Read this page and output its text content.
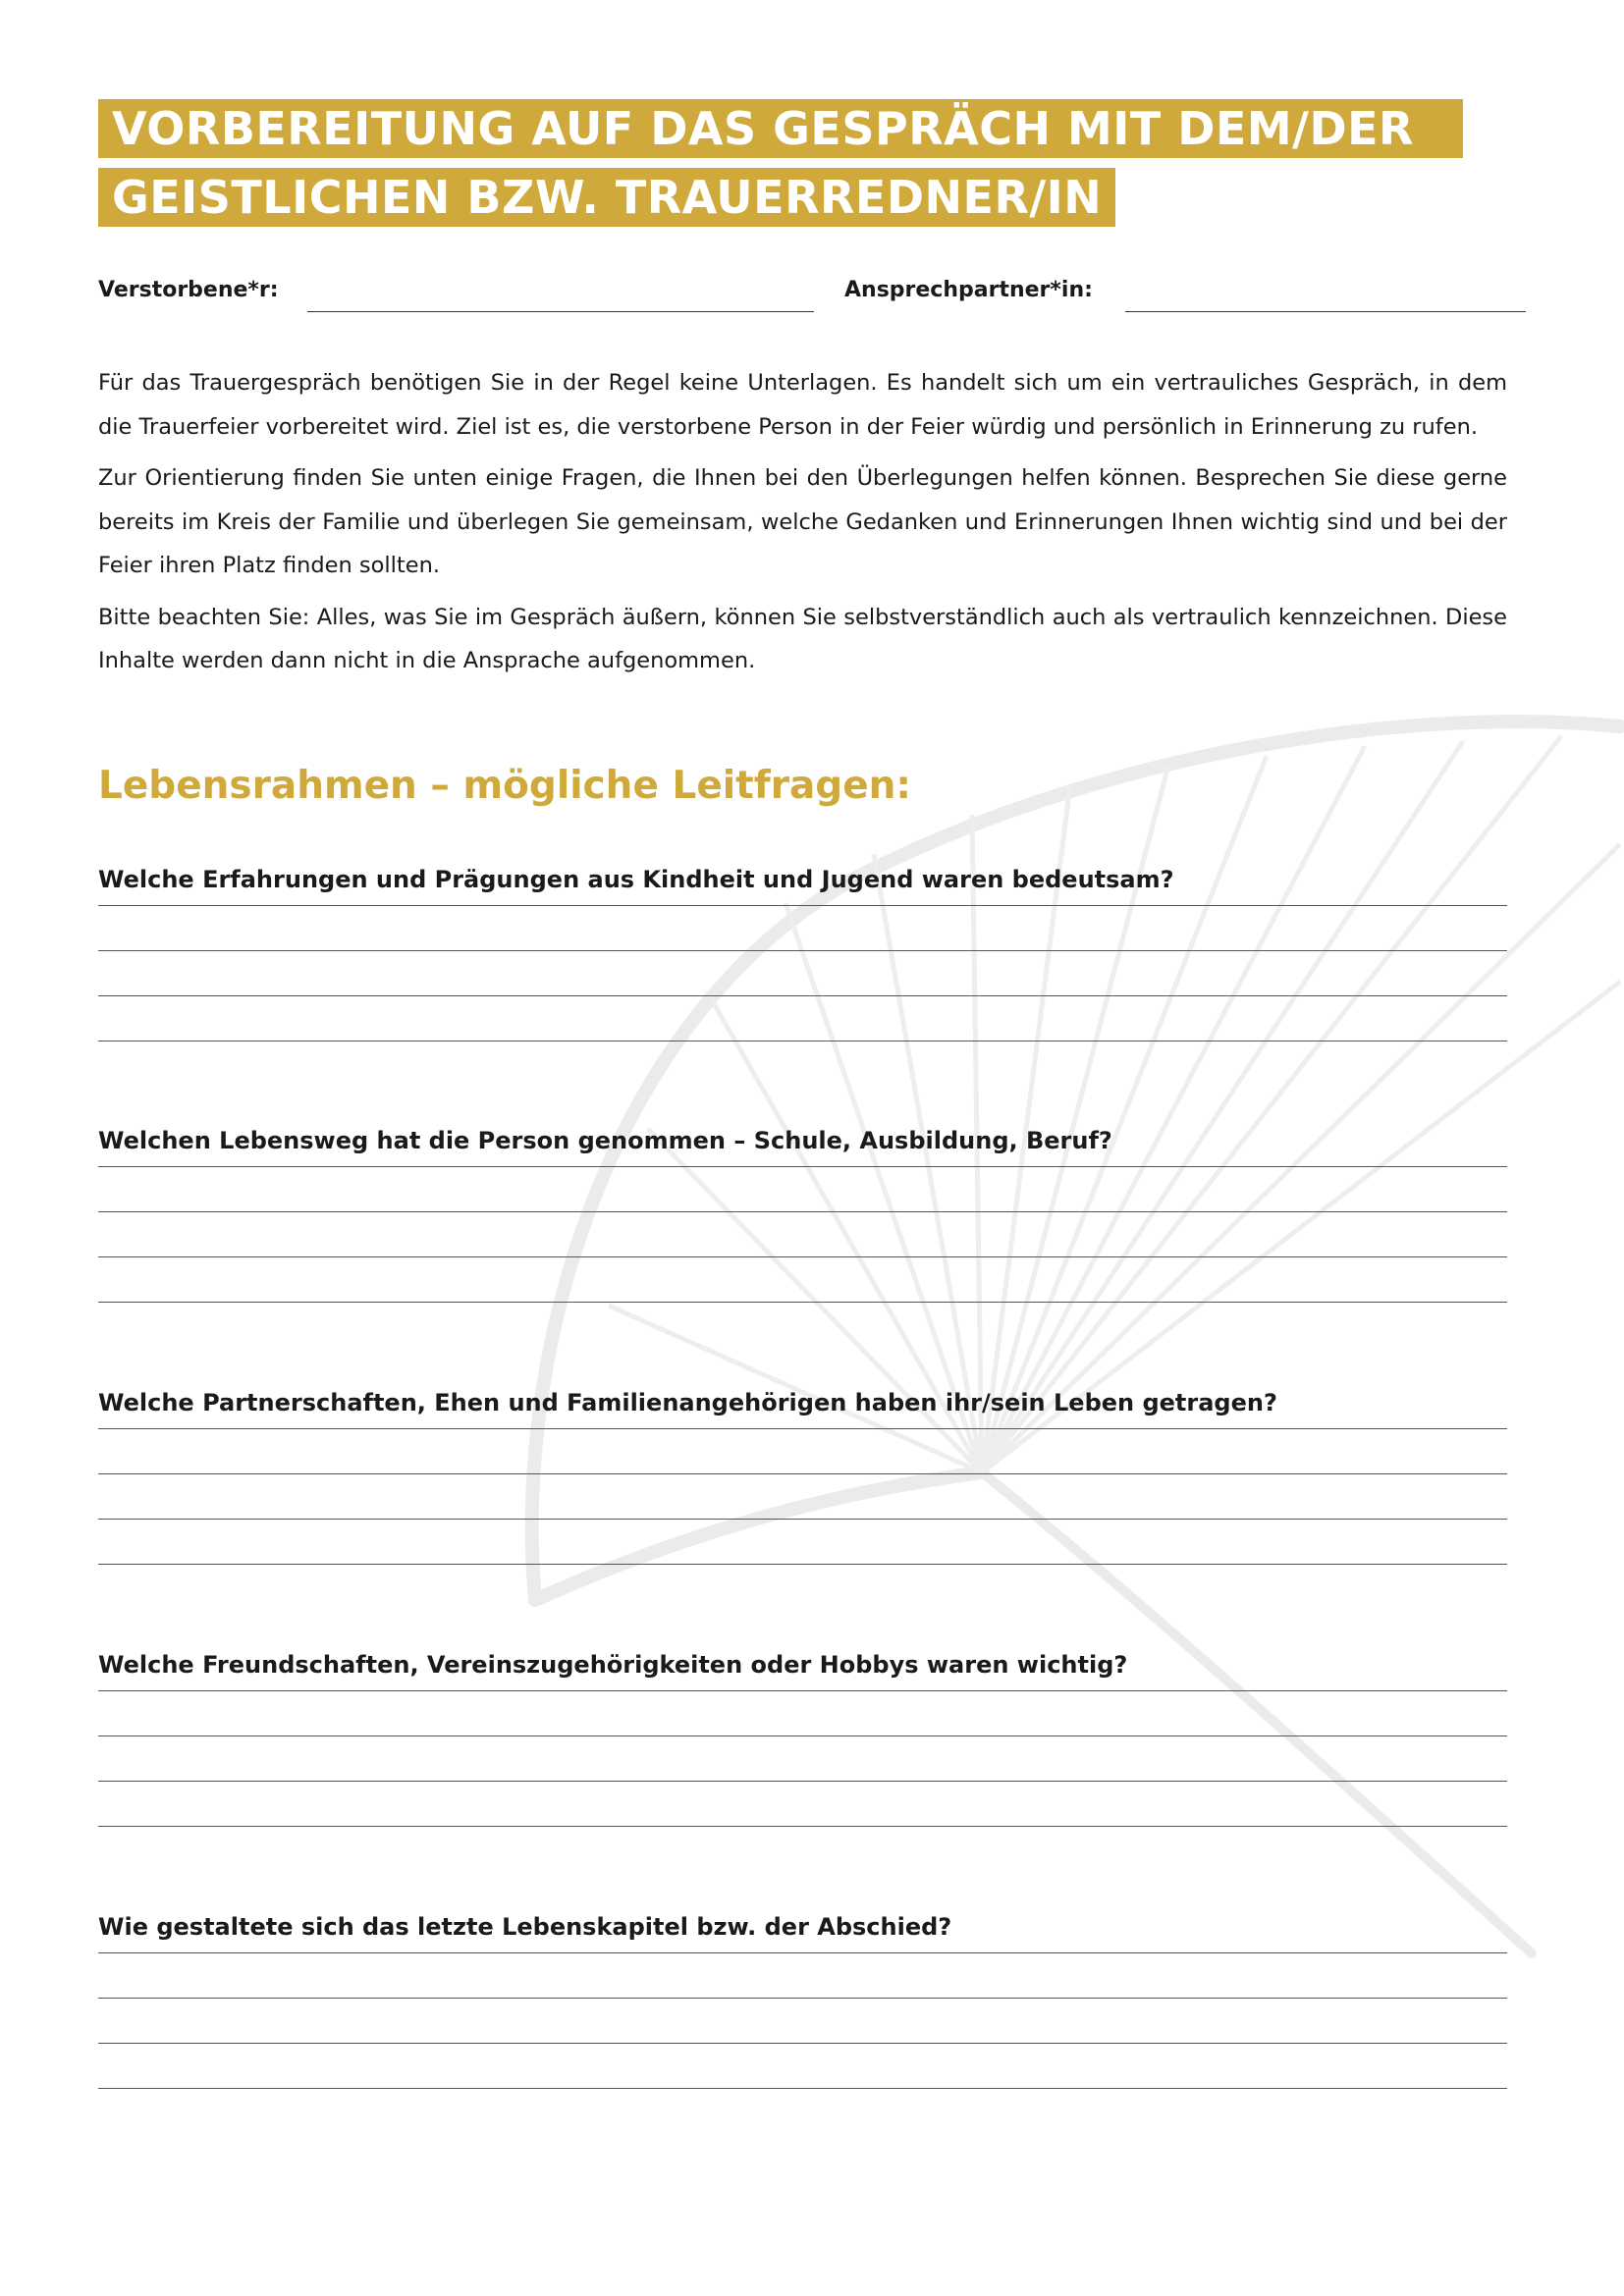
VORBEREITUNG AUF DAS GESPRÄCH MIT DEM/DER
GEISTLICHEN BZW. TRAUERREDNER/IN
Verstorbene*r:	Ansprechpartner*in:

Für das Trauergespräch benötigen Sie in der Regel keine Unterlagen. Es handelt sich um ein vertrauliches Gespräch, in dem die Trauerfeier vorbereitet wird. Ziel ist es, die verstorbene Person in der Feier würdig und persönlich in Erinnerung zu rufen.

Zur Orientierung finden Sie unten einige Fragen, die Ihnen bei den Überlegungen helfen können. Besprechen Sie diese gerne bereits im Kreis der Familie und überlegen Sie gemeinsam, welche Gedanken und Erinnerungen Ihnen wichtig sind und bei der Feier ihren Platz finden sollten.

Bitte beachten Sie: Alles, was Sie im Gespräch äußern, können Sie selbstverständlich auch als vertraulich kennzeichnen. Diese Inhalte werden dann nicht in die Ansprache aufgenommen.

Lebensrahmen – mögliche Leitfragen:
Welche Erfahrungen und Prägungen aus Kindheit und Jugend waren bedeutsam?
Welchen Lebensweg hat die Person genommen – Schule, Ausbildung, Beruf?
Welche Partnerschaften, Ehen und Familienangehörigen haben ihr/sein Leben getragen?
Welche Freundschaften, Vereinszugehörigkeiten oder Hobbys waren wichtig?
Wie gestaltete sich das letzte Lebenskapitel bzw. der Abschied?
